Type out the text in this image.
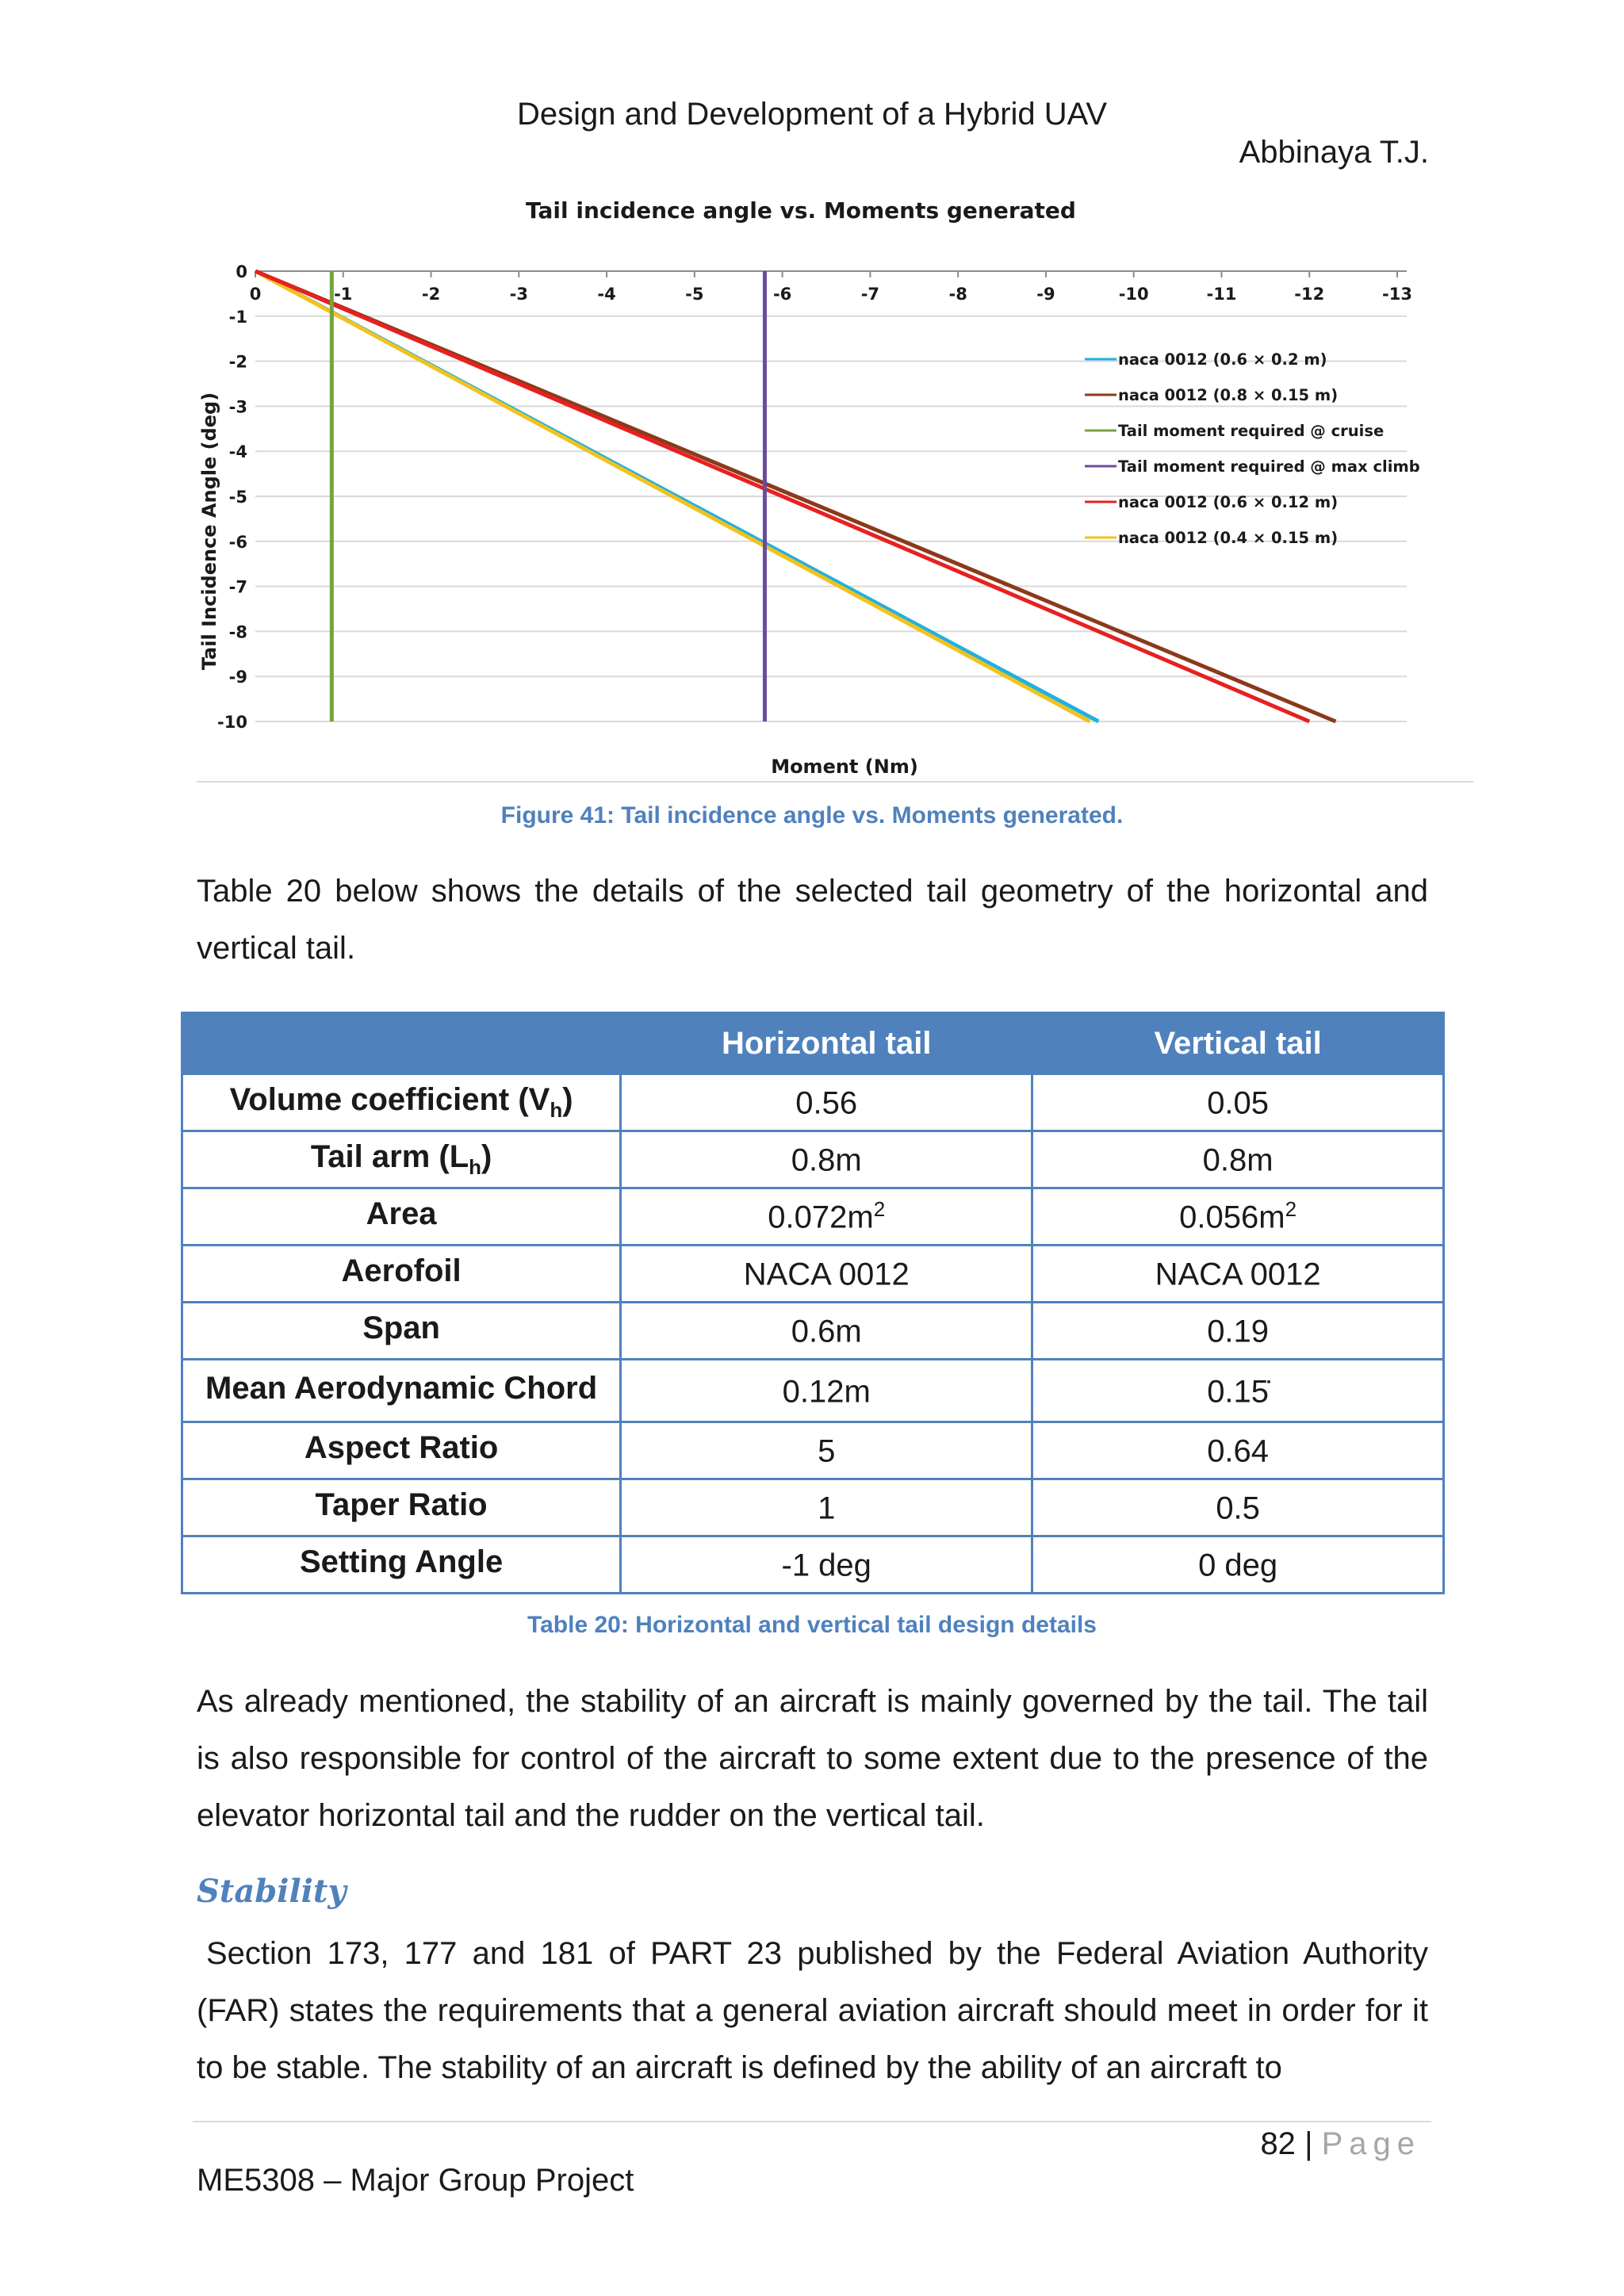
Design and Development of a Hybrid UAV
Abbinaya T.J.
Tail incidence angle vs. Moments generated
0	-1	-2	-3	-4	-5	-6	-7	-8	-9	-10	-11	-12	-13
0
-1
-2
-3
-4
-5
-6
-7
-8
-9
-10
naca 0012 (0.6 × 0.2 m)
naca 0012 (0.8 × 0.15 m)
Tail moment required @ cruise
Tail moment required @ max climb
naca 0012 (0.6 × 0.12 m)
naca 0012 (0.4 × 0.15 m)
Moment (Nm)
Tail Incidence Angle (deg)
Figure 41: Tail incidence angle vs. Moments generated.
Table 20 below shows the details of the selected tail geometry of the horizontal and vertical tail.
	Horizontal tail	Vertical tail
Volume coefficient $(V_h)$	0.56	0.05
Tail arm $(L_h)$	0.8m	0.8m
Area	$0.072m^2$	$0.056m^2$
Aerofoil	NACA 0012	NACA 0012
Span	0.6m	0.19
Mean Aerodynamic Chord	0.12m	0.15̇
Aspect Ratio	5	0.64
Taper Ratio	1	0.5
Setting Angle	-1 deg	0 deg
Table 20: Horizontal and vertical tail design details
As already mentioned, the stability of an aircraft is mainly governed by the tail. The tail is also responsible for control of the aircraft to some extent due to the presence of the elevator horizontal tail and the rudder on the vertical tail.
Stability
Section 173, 177 and 181 of PART 23 published by the Federal Aviation Authority (FAR) states the requirements that a general aviation aircraft should meet in order for it to be stable. The stability of an aircraft is defined by the ability of an aircraft to
82 | Page
ME5308 – Major Group Project
